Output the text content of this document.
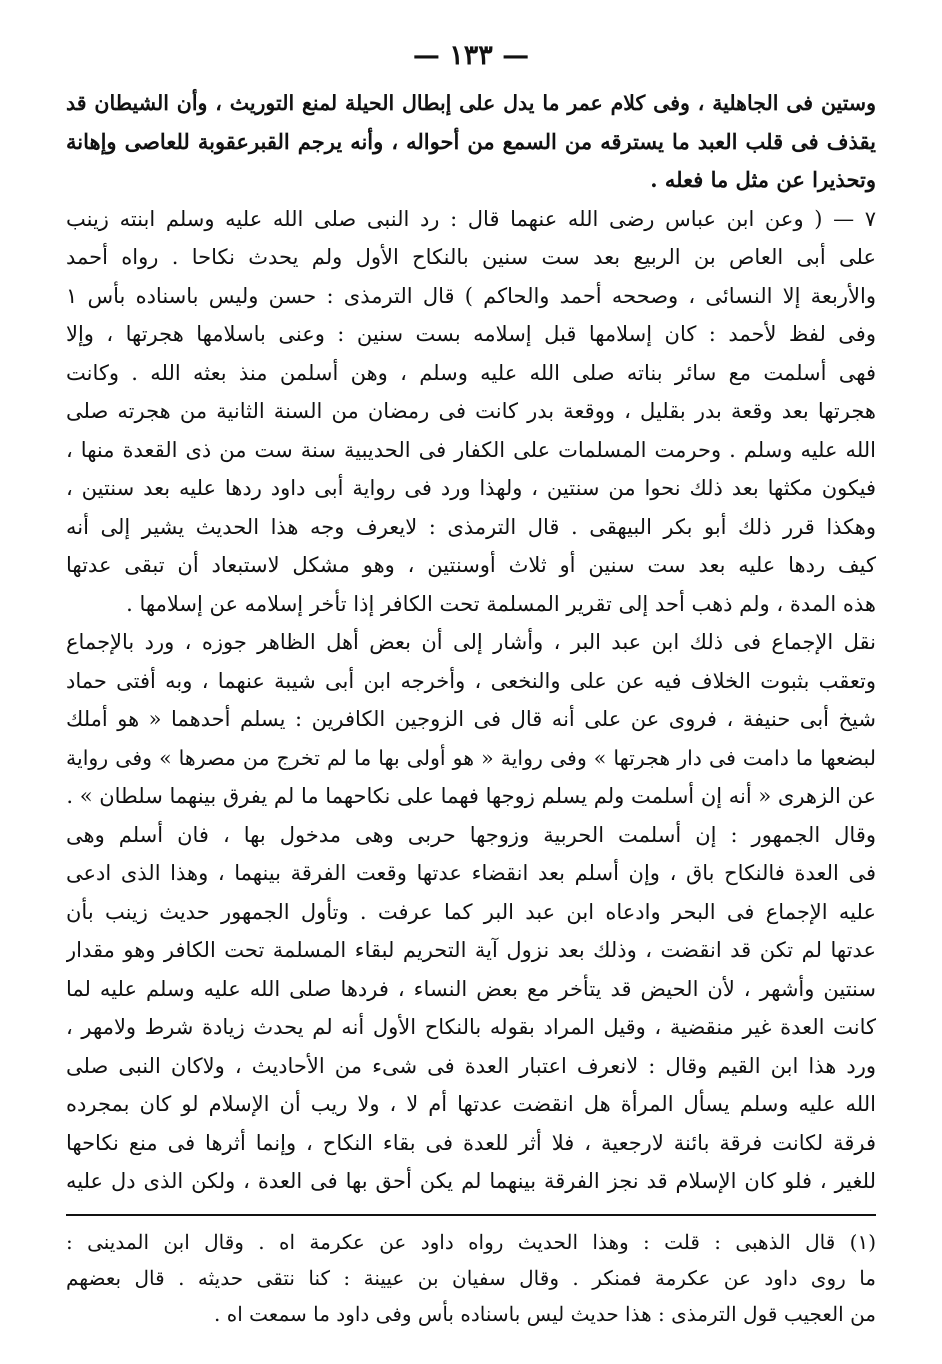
— ١٣٣ —
وستين فى الجاهلية ، وفى كلام عمر ما يدل على إبطال الحيلة لمنع التوريث ، وأن الشيطان قد
يقذف فى قلب العبد ما يسترقه من السمع من أحواله ، وأنه يرجم القبرعقوبة للعاصى وإهانة
وتحذيرا عن مثل ما فعله .
٧ — ( وعن ابن عباس رضى الله عنهما قال : رد النبى صلى الله عليه وسلم ابنته زينب
على أبى العاص بن الربيع بعد ست سنين بالنكاح الأول ولم يحدث نكاحا . رواه أحمد
والأربعة إلا النسائى ، وصححه أحمد والحاكم ) قال الترمذى : حسن وليس باسناده بأس ١
وفى لفظ لأحمد : كان إسلامها قبل إسلامه بست سنين : وعنى باسلامها هجرتها ، وإلا
فهى أسلمت مع سائر بناته صلى الله عليه وسلم ، وهن أسلمن منذ بعثه الله . وكانت
هجرتها بعد وقعة بدر بقليل ، ووقعة بدر كانت فى رمضان من السنة الثانية من هجرته صلى
الله عليه وسلم . وحرمت المسلمات على الكفار فى الحديبية سنة ست من ذى القعدة منها ،
فيكون مكثها بعد ذلك نحوا من سنتين ، ولهذا ورد فى رواية أبى داود ردها عليه بعد سنتين ،
وهكذا قرر ذلك أبو بكر البيهقى . قال الترمذى : لايعرف وجه هذا الحديث يشير إلى أنه
كيف ردها عليه بعد ست سنين أو ثلاث أوسنتين ، وهو مشكل لاستبعاد أن تبقى عدتها
هذه المدة ، ولم ذهب أحد إلى تقرير المسلمة تحت الكافر إذا تأخر إسلامه عن إسلامها .
نقل الإجماع فى ذلك ابن عبد البر ، وأشار إلى أن بعض أهل الظاهر جوزه ، ورد بالإجماع
وتعقب بثبوت الخلاف فيه عن على والنخعى ، وأخرجه ابن أبى شيبة عنهما ، وبه أفتى حماد
شيخ أبى حنيفة ، فروى عن على أنه قال فى الزوجين الكافرين : يسلم أحدهما « هو أملك
لبضعها ما دامت فى دار هجرتها » وفى رواية « هو أولى بها ما لم تخرج من مصرها » وفى رواية
عن الزهرى « أنه إن أسلمت ولم يسلم زوجها فهما على نكاحهما ما لم يفرق بينهما سلطان » .
وقال الجمهور : إن أسلمت الحربية وزوجها حربى وهى مدخول بها ، فان أسلم وهى
فى العدة فالنكاح باق ، وإن أسلم بعد انقضاء عدتها وقعت الفرقة بينهما ، وهذا الذى ادعى
عليه الإجماع فى البحر وادعاه ابن عبد البر كما عرفت . وتأول الجمهور حديث زينب بأن
عدتها لم تكن قد انقضت ، وذلك بعد نزول آية التحريم لبقاء المسلمة تحت الكافر وهو مقدار
سنتين وأشهر ، لأن الحيض قد يتأخر مع بعض النساء ، فردها صلى الله عليه وسلم عليه لما
كانت العدة غير منقضية ، وقيل المراد بقوله بالنكاح الأول أنه لم يحدث زيادة شرط ولامهر ،
ورد هذا ابن القيم وقال : لانعرف اعتبار العدة فى شىء من الأحاديث ، ولاكان النبى صلى
الله عليه وسلم يسأل المرأة هل انقضت عدتها أم لا ، ولا ريب أن الإسلام لو كان بمجرده
فرقة لكانت فرقة بائنة لارجعية ، فلا أثر للعدة فى بقاء النكاح ، وإنما أثرها فى منع نكاحها
للغير ، فلو كان الإسلام قد نجز الفرقة بينهما لم يكن أحق بها فى العدة ، ولكن الذى دل عليه
(١) قال الذهبى : قلت : وهذا الحديث رواه داود عن عكرمة اه . وقال ابن المدينى :
ما روى داود عن عكرمة فمنكر . وقال سفيان بن عيينة : كنا نتقى حديثه . قال بعضهم
من العجيب قول الترمذى : هذا حديث ليس باسناده بأس وفى داود ما سمعت اه .
